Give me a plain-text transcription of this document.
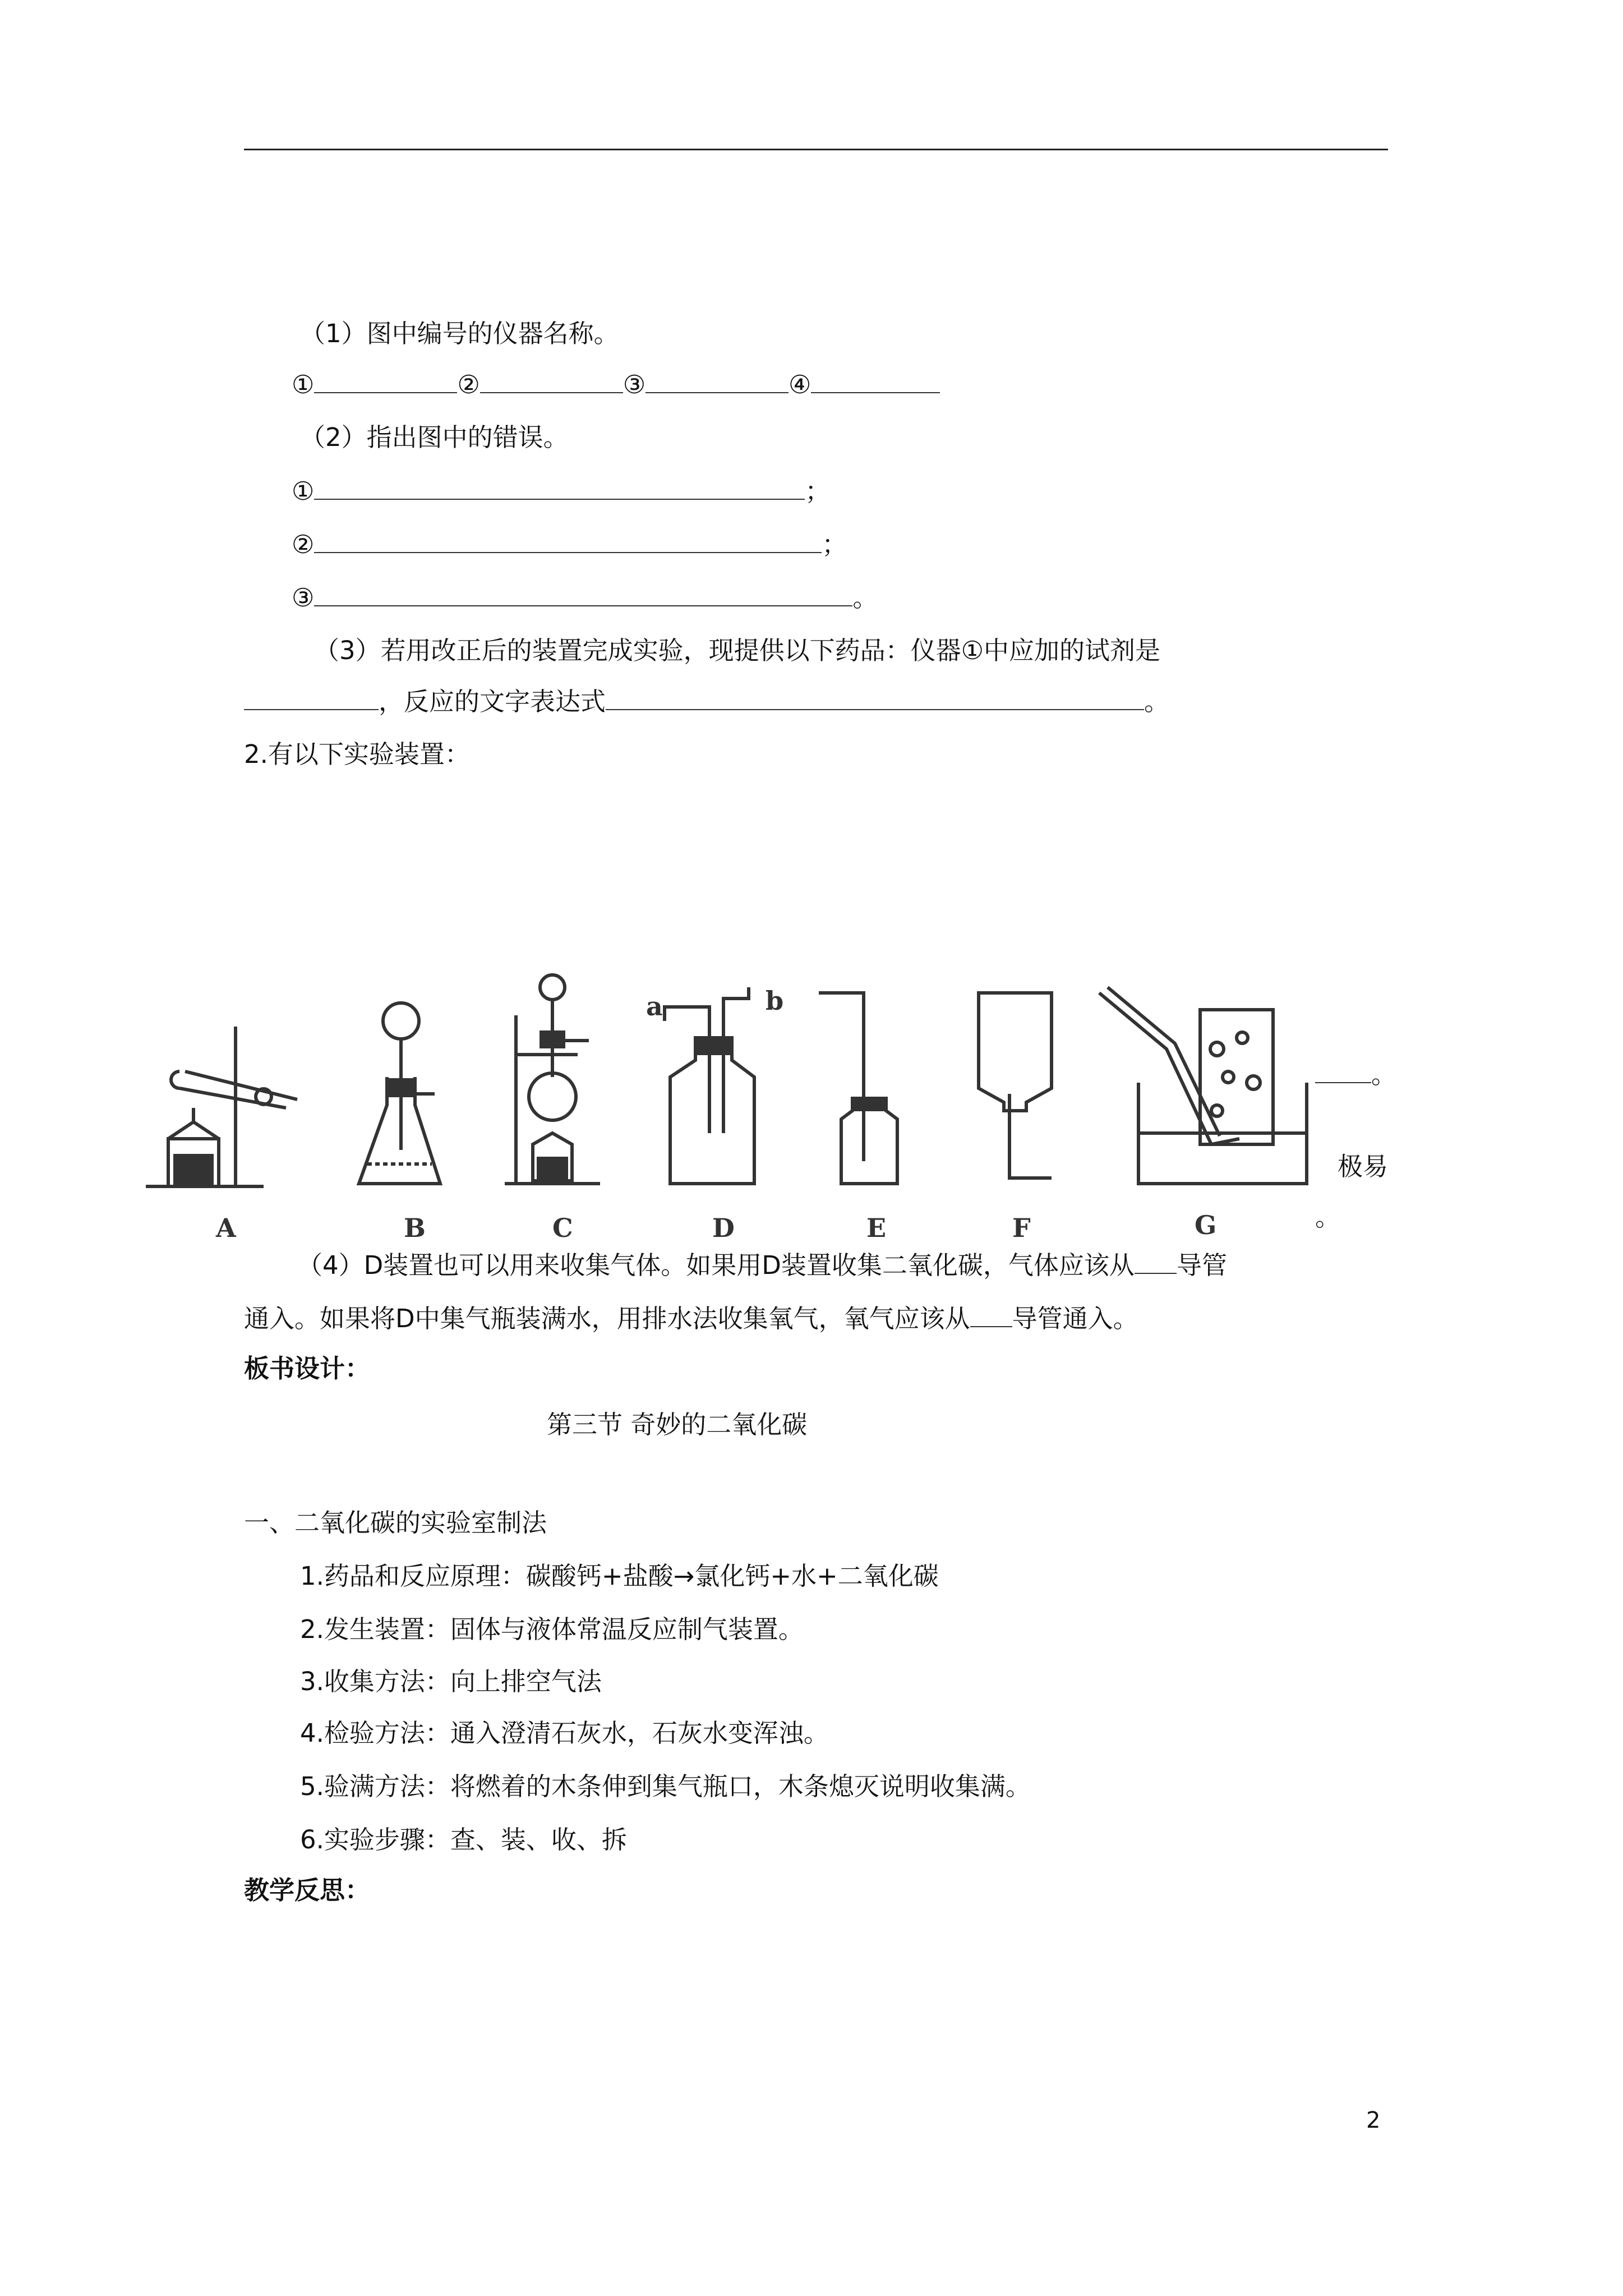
（1）图中编号的仪器名称。
①	②	③	④
（2）指出图中的错误。
①	；
②	；
③	。
（3）若用改正后的装置完成实验，现提供以下药品：仪器①中应加的试剂是
，反应的文字表达式	。
2.有以下实验装置：
a	b
A	B	C	D	E	F	G
。
极易
。
（4）D装置也可以用来收集气体。如果用D装置收集二氧化碳，气体应该从 导管
通入。如果将D中集气瓶装满水，用排水法收集氧气，氧气应该从 导管通入。
板书设计：
第三节 奇妙的二氧化碳
一、二氧化碳的实验室制法
1.药品和反应原理：碳酸钙+盐酸→氯化钙+水+二氧化碳
2.发生装置：固体与液体常温反应制气装置。
3.收集方法：向上排空气法
4.检验方法：通入澄清石灰水，石灰水变浑浊。
5.验满方法：将燃着的木条伸到集气瓶口，木条熄灭说明收集满。
6.实验步骤：查、装、收、拆
教学反思：
2
